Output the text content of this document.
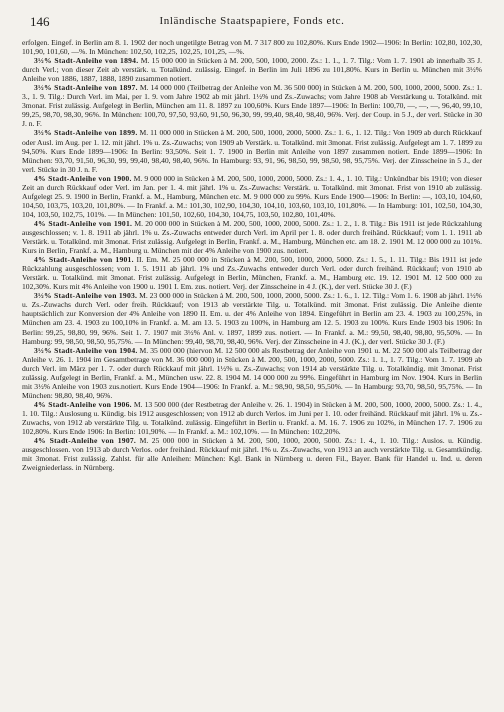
146	Inländische Staatspapiere, Fonds etc.

erfolgen. Eingef. in Berlin am 8. 1. 1902 der noch ungetilgte Betrag von M. 7 317 800 zu 102,80%. Kurs Ende 1902—1906: In Berlin: 102,80, 102,30, 101,90, 101,60, —%. In München: 102,50, 102,25, 102,25, 101,25, —%.

3½% Stadt-Anleihe von 1894. M. 15 000 000 in Stücken à M. 200, 500, 1000, 2000. Zs.: 1. 1., 1. 7. Tilg.: Vom 1. 7. 1901 ab innerhalb 35 J. durch Verl.; von dieser Zeit ab verstärk. u. Totalkünd. zulässig. Eingef. in Berlin im Juli 1896 zu 101,80%. Kurs in Berlin u. München mit 3½% Anleihe von 1886, 1887, 1888, 1890 zusammen notiert.

3½% Stadt-Anleihe von 1897. M. 14 000 000 (Teilbetrag der Anleihe von M. 36 500 000) in Stücken à M. 200, 500, 1000, 2000, 5000. Zs.: 1. 3., 1. 9. Tilg.: Durch Verl. im Mai, per 1. 9. vom Jahre 1902 ab mit jährl. 1½% und Zs.-Zuwachs; vom Jahre 1908 ab Verstärkung u. Totalkünd. mit 3monat. Frist zulässig. Aufgelegt in Berlin, München am 11. 8. 1897 zu 100,60%. Kurs Ende 1897—1906: In Berlin: 100,70, —, —, —, 96,40, 99,10, 99,25, 98,70, 98,30, 96%. In München: 100,70, 97,50, 93,60, 91,50, 96,30, 99, 99,40, 98,40, 98,40, 96%. Verj. der Coup. in 5 J., der verl. Stücke in 30 J. n. F.

3½% Stadt-Anleihe von 1899. M. 11 000 000 in Stücken à M. 200, 500, 1000, 2000, 5000. Zs.: 1. 6., 1. 12. Tilg.: Von 1909 ab durch Rückkauf oder Ausl. im Aug. per 1. 12. mit jährl. 1% u. Zs.-Zuwachs; von 1909 ab Verstärk. u. Totalkünd. mit 3monat. Frist zulässig. Aufgelegt am 1. 7. 1899 zu 94,50%. Kurs Ende 1899—1906: In Berlin: 93,50%. Seit 1. 7. 1900 in Berlin mit Anleihe von 1897 zusammen notiert. Ende 1899—1906: In München: 93,70, 91,50, 96,30, 99, 99,40, 98,40, 98,40, 96%. In Hamburg: 93, 91, 96, 98,50, 99, 98,50, 98, 95,75%. Verj. der Zinsscheine in 5 J., der verl. Stücke in 30 J. n. F.

4% Stadt-Anleihe von 1900. M. 9 000 000 in Stücken à M. 200, 500, 1000, 2000, 5000. Zs.: 1. 4., 1. 10. Tilg.: Unkündbar bis 1910; von dieser Zeit an durch Rückkauf oder Verl. im Jan. per 1. 4. mit jährl. 1% u. Zs.-Zuwachs: Verstärk. u. Totalkünd. mit 3monat. Frist von 1910 ab zulässig. Aufgelegt 25. 9. 1900 in Berlin, Frankf. a. M., Hamburg, München etc. M. 9 000 000 zu 99%. Kurs Ende 1900—1906: In Berlin: —, 103,10, 104,60, 104,50, 103,75, 103,20, 101,80%. — In Frankf. a. M.: 101,30, 102,90, 104,30, 104,10, 103,60, 103,10, 101,80%. — In Hamburg: 101, 102,50, 104,30, 104, 103,50, 102,75, 101%. — In München: 101,50, 102,60, 104,30, 104,75, 103,50, 102,80, 101,40%.

4% Stadt-Anleihe von 1901. M. 20 000 000 in Stücken à M. 200, 500, 1000, 2000, 5000. Zs.: 1. 2., 1. 8. Tilg.: Bis 1911 ist jede Rückzahlung ausgeschlossen; v. 1. 8. 1911 ab jährl. 1% u. Zs.-Zuwachs entweder durch Verl. im April per 1. 8. oder durch freihänd. Rückkauf; vom 1. 1. 1911 ab Verstärk. u. Totalkünd. mit 3monat. Frist zulässig. Aufgelegt in Berlin, Frankf. a. M., Hamburg, München etc. am 18. 2. 1901 M. 12 000 000 zu 101%. Kurs in Berlin, Frankf. a. M., Hamburg u. München mit der 4% Anleihe von 1900 zus. notiert.

4% Stadt-Anleihe von 1901. II. Em. M. 25 000 000 in Stücken à M. 200, 500, 1000, 2000, 5000. Zs.: 1. 5., 1. 11. Tilg.: Bis 1911 ist jede Rückzahlung ausgeschlossen; vom 1. 5. 1911 ab jährl. 1% und Zs.-Zuwachs entweder durch Verl. oder durch freihänd. Rückkauf; von 1910 ab Verstärk. u. Totalkünd. mit 3monat. Frist zulässig. Aufgelegt in Berlin, München, Frankf. a. M., Hamburg etc. 19. 12. 1901 M. 12 500 000 zu 102,30%. Kurs mit 4% Anleihe von 1900 u. 1901 I. Em. zus. notiert. Verj. der Zinsscheine in 4 J. (K.), der verl. Stücke 30 J. (F.)

3½% Stadt-Anleihe von 1903. M. 23 000 000 in Stücken à M. 200, 500, 1000, 2000, 5000. Zs.: 1. 6., 1. 12. Tilg.: Vom 1. 6. 1908 ab jährl. 1½% u. Zs.-Zuwachs durch Verl. oder freih. Rückkauf; von 1913 ab verstärkte Tilg. u. Totalkünd. mit 3monat. Frist zulässig. Die Anleihe diente hauptsächlich zur Konversion der 4% Anleihe von 1890 II. Em. u. der 4% Anleihe von 1894. Eingeführt in Berlin am 23. 4. 1903 zu 100,25%, in München am 23. 4. 1903 zu 100,10% in Frankf. a. M. am 13. 5. 1903 zu 100%, in Hamburg am 12. 5. 1903 zu 100%. Kurs Ende 1903 bis 1906: In Berlin: 99,25, 98,80, 99, 96%. Seit 1. 7. 1907 mit 3½% Anl. v. 1897, 1899 zus. notiert. — In Frankf. a. M.: 99,50, 98,40, 98,80, 95,50%. — In Hamburg: 99, 98,50, 98,50, 95,75%. — In München: 99,40, 98,70, 98,40, 96%. Verj. der Zinsscheine in 4 J. (K.), der verl. Stücke 30 J. (F.)

3½% Stadt-Anleihe von 1904. M. 35 000 000 (hiervon M. 12 500 000 als Restbetrag der Anleihe von 1901 u. M. 22 500 000 als Teilbetrag der Anleihe v. 26. 1. 1904 im Gesamtbetrage von M. 36 000 000) in Stücken à M. 200, 500, 1000, 2000, 5000. Zs.: 1. 1., 1. 7. Tilg.: Vom 1. 7. 1909 ab durch Verl. im März per 1. 7. oder durch Rückkauf mit jährl. 1½% u. Zs.-Zuwachs; von 1914 ab verstärkte Tilg. u. Totalkündig. mit 3monat. Frist zulässig. Aufgelegt in Berlin, Frankf. a. M., München usw. 22. 8. 1904 M. 14 000 000 zu 99%. Eingeführt in Hamburg im Nov. 1904. Kurs in Berlin mit 3½% Anleihe von 1903 zus.notiert. Kurs Ende 1904—1906: In Frankf. a. M.: 98,90, 98,50, 95,50%. — In Hamburg: 93,70, 98,50, 95,75%. — In München: 98,80, 98,40, 96%.

4% Stadt-Anleihe von 1906. M. 13 500 000 (der Restbetrag der Anleihe v. 26. 1. 1904) in Stücken à M. 200, 500, 1000, 2000, 5000. Zs.: 1. 4., 1. 10. Tilg.: Auslosung u. Kündig. bis 1912 ausgeschlossen; von 1912 ab durch Verlos. im Juni per 1. 10. oder freihänd. Rückkauf mit jährl. 1% u. Zs.-Zuwachs, von 1912 ab verstärkte Tilg. u. Totalkünd. zulässig. Eingeführt in Berlin u. Frankf. a. M. 16. 7. 1906 zu 102%, in München 17. 7. 1906 zu 102,80%. Kurs Ende 1906: In Berlin: 101,90%. — In Frankf. a. M.: 102,10%. — In München: 102,20%.

4% Stadt-Anleihe von 1907. M. 25 000 000 in Stücken à M. 200, 500, 1000, 2000, 5000. Zs.: 1. 4., 1. 10. Tilg.: Auslos. u. Kündig. ausgeschlossen. von 1913 ab durch Verlos. oder freihänd. Rückkauf mit jährl. 1% u. Zs.-Zuwachs, von 1913 an auch verstärkte Tilg. u. Gesamtkündig. mit 3monat. Frist zulässig. Zahlst. für alle Anleihen: München: Kgl. Bank in Nürnberg u. deren Fil., Bayer. Bank für Handel u. Ind. u. deren Zweigniederlass. in Nürnberg.
